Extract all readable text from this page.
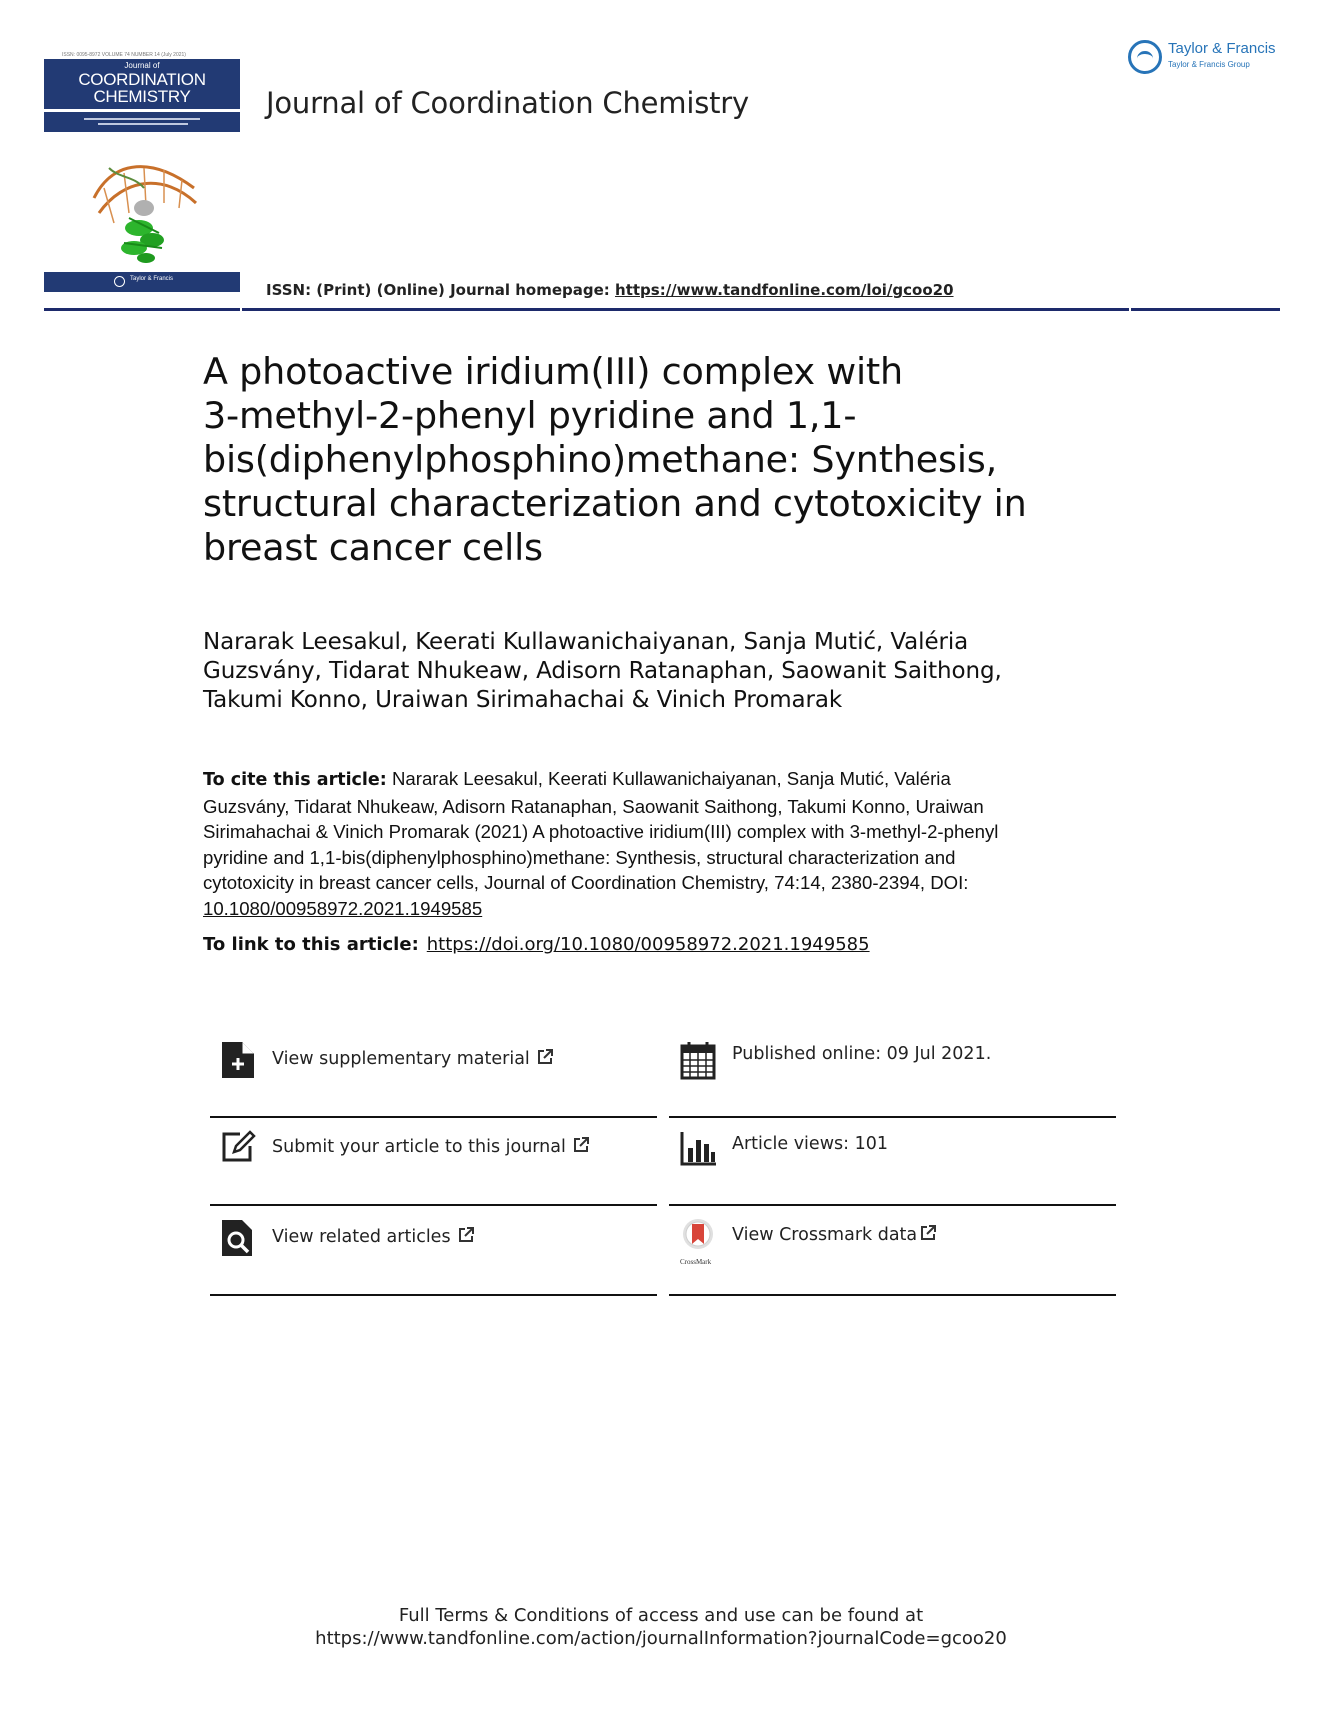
ISSN: 0095-8972 VOLUME 74 NUMBER 14 (July 2021)
Journal of
COORDINATION
CHEMISTRY
Taylor & Francis
Journal of Coordination Chemistry
Taylor & Francis
Taylor & Francis Group
ISSN: (Print) (Online) Journal homepage: https://www.tandfonline.com/loi/gcoo20
A photoactive iridium(III) complex with
3-methyl-2-phenyl pyridine and 1,1-
bis(diphenylphosphino)methane: Synthesis,
structural characterization and cytotoxicity in
breast cancer cells
Nararak Leesakul, Keerati Kullawanichaiyanan, Sanja Mutić, Valéria
Guzsvány, Tidarat Nhukeaw, Adisorn Ratanaphan, Saowanit Saithong,
Takumi Konno, Uraiwan Sirimahachai & Vinich Promarak
To cite this article: Nararak Leesakul, Keerati Kullawanichaiyanan, Sanja Mutić, Valéria
Guzsvány, Tidarat Nhukeaw, Adisorn Ratanaphan, Saowanit Saithong, Takumi Konno, Uraiwan
Sirimahachai & Vinich Promarak (2021) A photoactive iridium(III) complex with 3-methyl-2-phenyl
pyridine and 1,1-bis(diphenylphosphino)methane: Synthesis, structural characterization and
cytotoxicity in breast cancer cells, Journal of Coordination Chemistry, 74:14, 2380-2394, DOI:
10.1080/00958972.2021.1949585
To link to this article: https://doi.org/10.1080/00958972.2021.1949585
View supplementary material
Submit your article to this journal
View related articles
Published online: 09 Jul 2021.
Article views: 101
CrossMark
View Crossmark data
Full Terms & Conditions of access and use can be found at
https://www.tandfonline.com/action/journalInformation?journalCode=gcoo20
